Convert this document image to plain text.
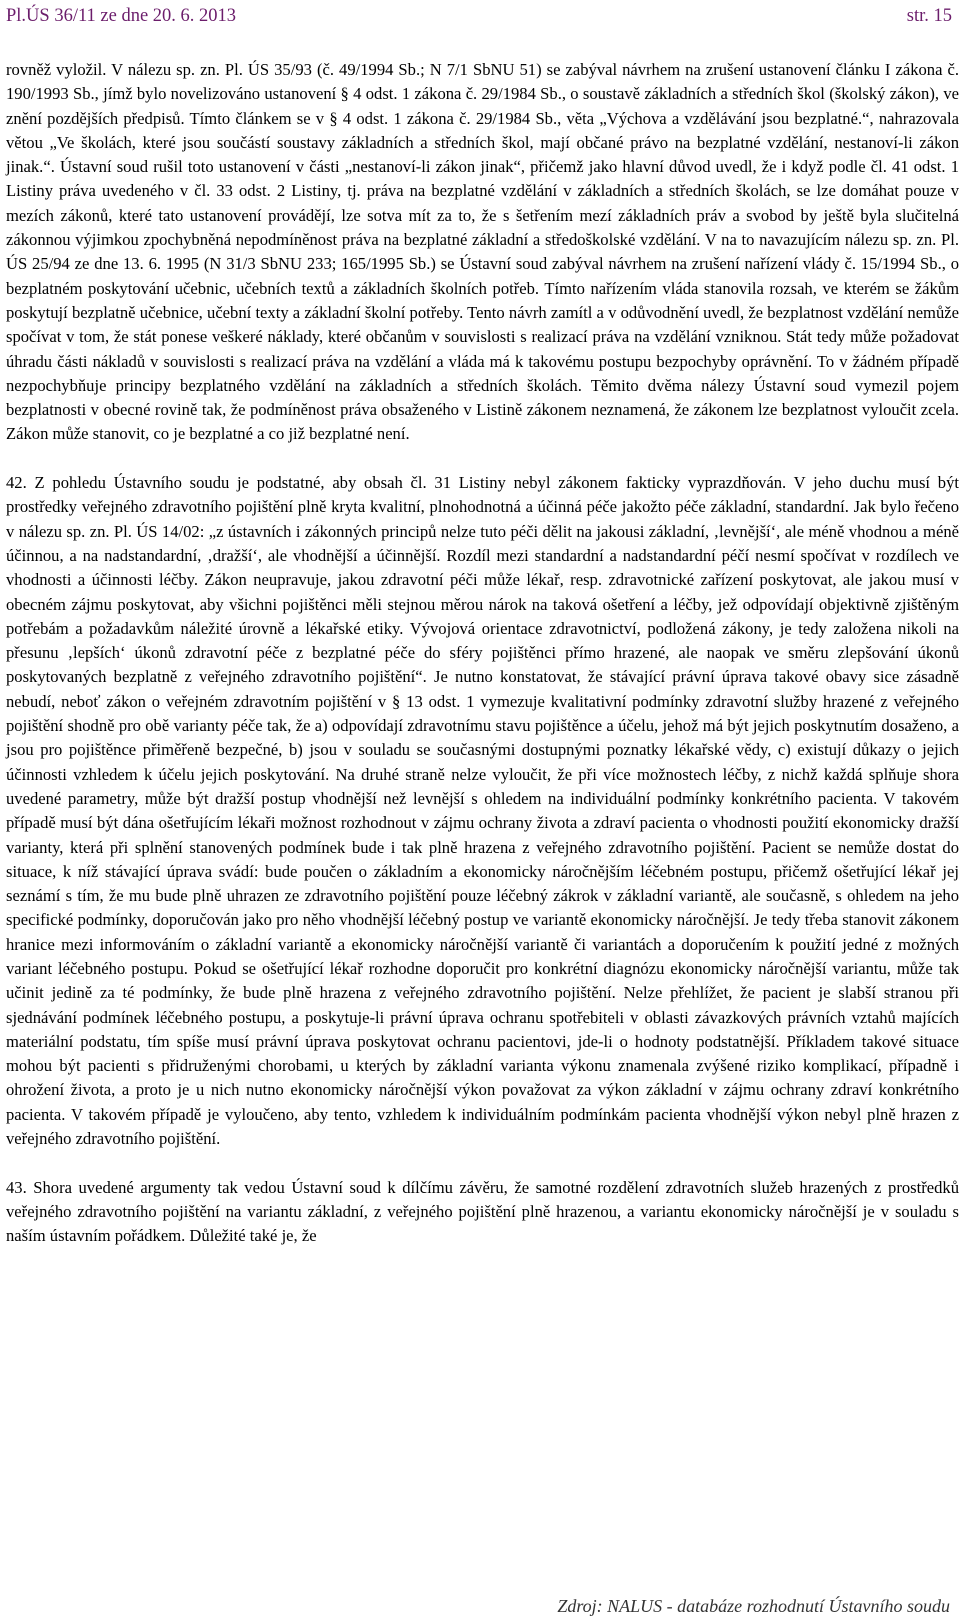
Pl.ÚS 36/11 ze dne 20. 6. 2013	str. 15

rovněž vyložil. V nálezu sp. zn. Pl. ÚS 35/93 (č. 49/1994 Sb.; N 7/1 SbNU 51) se zabýval návrhem na zrušení ustanovení článku I zákona č. 190/1993 Sb., jímž bylo novelizováno ustanovení § 4 odst. 1 zákona č. 29/1984 Sb., o soustavě základních a středních škol (školský zákon), ve znění pozdějších předpisů. Tímto článkem se v § 4 odst. 1 zákona č. 29/1984 Sb., věta „Výchova a vzdělávání jsou bezplatné.“, nahrazovala větou „Ve školách, které jsou součástí soustavy základních a středních škol, mají občané právo na bezplatné vzdělání, nestanoví-li zákon jinak.“. Ústavní soud rušil toto ustanovení v části „nestanoví-li zákon jinak“, přičemž jako hlavní důvod uvedl, že i když podle čl. 41 odst. 1 Listiny práva uvedeného v čl. 33 odst. 2 Listiny, tj. práva na bezplatné vzdělání v základních a středních školách, se lze domáhat pouze v mezích zákonů, které tato ustanovení provádějí, lze sotva mít za to, že s šetřením mezí základních práv a svobod by ještě byla slučitelná zákonnou výjimkou zpochybněná nepodmíněnost práva na bezplatné základní a středoškolské vzdělání. V na to navazujícím nálezu sp. zn. Pl. ÚS 25/94 ze dne 13. 6. 1995 (N 31/3 SbNU 233; 165/1995 Sb.) se Ústavní soud zabýval návrhem na zrušení nařízení vlády č. 15/1994 Sb., o bezplatném poskytování učebnic, učebních textů a základních školních potřeb. Tímto nařízením vláda stanovila rozsah, ve kterém se žákům poskytují bezplatně učebnice, učební texty a základní školní potřeby. Tento návrh zamítl a v odůvodnění uvedl, že bezplatnost vzdělání nemůže spočívat v tom, že stát ponese veškeré náklady, které občanům v souvislosti s realizací práva na vzdělání vzniknou. Stát tedy může požadovat úhradu části nákladů v souvislosti s realizací práva na vzdělání a vláda má k takovému postupu bezpochyby oprávnění. To v žádném případě nezpochybňuje principy bezplatného vzdělání na základních a středních školách. Těmito dvěma nálezy Ústavní soud vymezil pojem bezplatnosti v obecné rovině tak, že podmíněnost práva obsaženého v Listině zákonem neznamená, že zákonem lze bezplatnost vyloučit zcela. Zákon může stanovit, co je bezplatné a co již bezplatné není.

42. Z pohledu Ústavního soudu je podstatné, aby obsah čl. 31 Listiny nebyl zákonem fakticky vyprazdňován. V jeho duchu musí být prostředky veřejného zdravotního pojištění plně kryta kvalitní, plnohodnotná a účinná péče jakožto péče základní, standardní. Jak bylo řečeno v nálezu sp. zn. Pl. ÚS 14/02: „z ústavních i zákonných principů nelze tuto péči dělit na jakousi základní, ‚levnější‘, ale méně vhodnou a méně účinnou, a na nadstandardní, ‚dražší‘, ale vhodnější a účinnější. Rozdíl mezi standardní a nadstandardní péčí nesmí spočívat v rozdílech ve vhodnosti a účinnosti léčby. Zákon neupravuje, jakou zdravotní péči může lékař, resp. zdravotnické zařízení poskytovat, ale jakou musí v obecném zájmu poskytovat, aby všichni pojištěnci měli stejnou měrou nárok na taková ošetření a léčby, jež odpovídají objektivně zjištěným potřebám a požadavkům náležité úrovně a lékařské etiky. Vývojová orientace zdravotnictví, podložená zákony, je tedy založena nikoli na přesunu ‚lepších‘ úkonů zdravotní péče z bezplatné péče do sféry pojištěnci přímo hrazené, ale naopak ve směru zlepšování úkonů poskytovaných bezplatně z veřejného zdravotního pojištění“. Je nutno konstatovat, že stávající právní úprava takové obavy sice zásadně nebudí, neboť zákon o veřejném zdravotním pojištění v § 13 odst. 1 vymezuje kvalitativní podmínky zdravotní služby hrazené z veřejného pojištění shodně pro obě varianty péče tak, že a) odpovídají zdravotnímu stavu pojištěnce a účelu, jehož má být jejich poskytnutím dosaženo, a jsou pro pojištěnce přiměřeně bezpečné, b) jsou v souladu se současnými dostupnými poznatky lékařské vědy, c) existují důkazy o jejich účinnosti vzhledem k účelu jejich poskytování. Na druhé straně nelze vyloučit, že při více možnostech léčby, z nichž každá splňuje shora uvedené parametry, může být dražší postup vhodnější než levnější s ohledem na individuální podmínky konkrétního pacienta. V takovém případě musí být dána ošetřujícím lékaři možnost rozhodnout v zájmu ochrany života a zdraví pacienta o vhodnosti použití ekonomicky dražší varianty, která při splnění stanovených podmínek bude i tak plně hrazena z veřejného zdravotního pojištění. Pacient se nemůže dostat do situace, k níž stávající úprava svádí: bude poučen o základním a ekonomicky náročnějším léčebném postupu, přičemž ošetřující lékař jej seznámí s tím, že mu bude plně uhrazen ze zdravotního pojištění pouze léčebný zákrok v základní variantě, ale současně, s ohledem na jeho specifické podmínky, doporučován jako pro něho vhodnější léčebný postup ve variantě ekonomicky náročnější. Je tedy třeba stanovit zákonem hranice mezi informováním o základní variantě a ekonomicky náročnější variantě či variantách a doporučením k použití jedné z možných variant léčebného postupu. Pokud se ošetřující lékař rozhodne doporučit pro konkrétní diagnózu ekonomicky náročnější variantu, může tak učinit jedině za té podmínky, že bude plně hrazena z veřejného zdravotního pojištění. Nelze přehlížet, že pacient je slabší stranou při sjednávání podmínek léčebného postupu, a poskytuje-li právní úprava ochranu spotřebiteli v oblasti závazkových právních vztahů majících materiální podstatu, tím spíše musí právní úprava poskytovat ochranu pacientovi, jde-li o hodnoty podstatnější. Příkladem takové situace mohou být pacienti s přidruženými chorobami, u kterých by základní varianta výkonu znamenala zvýšené riziko komplikací, případně i ohrožení života, a proto je u nich nutno ekonomicky náročnější výkon považovat za výkon základní v zájmu ochrany zdraví konkrétního pacienta. V takovém případě je vyloučeno, aby tento, vzhledem k individuálním podmínkám pacienta vhodnější výkon nebyl plně hrazen z veřejného zdravotního pojištění.

43. Shora uvedené argumenty tak vedou Ústavní soud k dílčímu závěru, že samotné rozdělení zdravotních služeb hrazených z prostředků veřejného zdravotního pojištění na variantu základní, z veřejného pojištění plně hrazenou, a variantu ekonomicky náročnější je v souladu s naším ústavním pořádkem. Důležité také je, že

Zdroj: NALUS - databáze rozhodnutí Ústavního soudu
